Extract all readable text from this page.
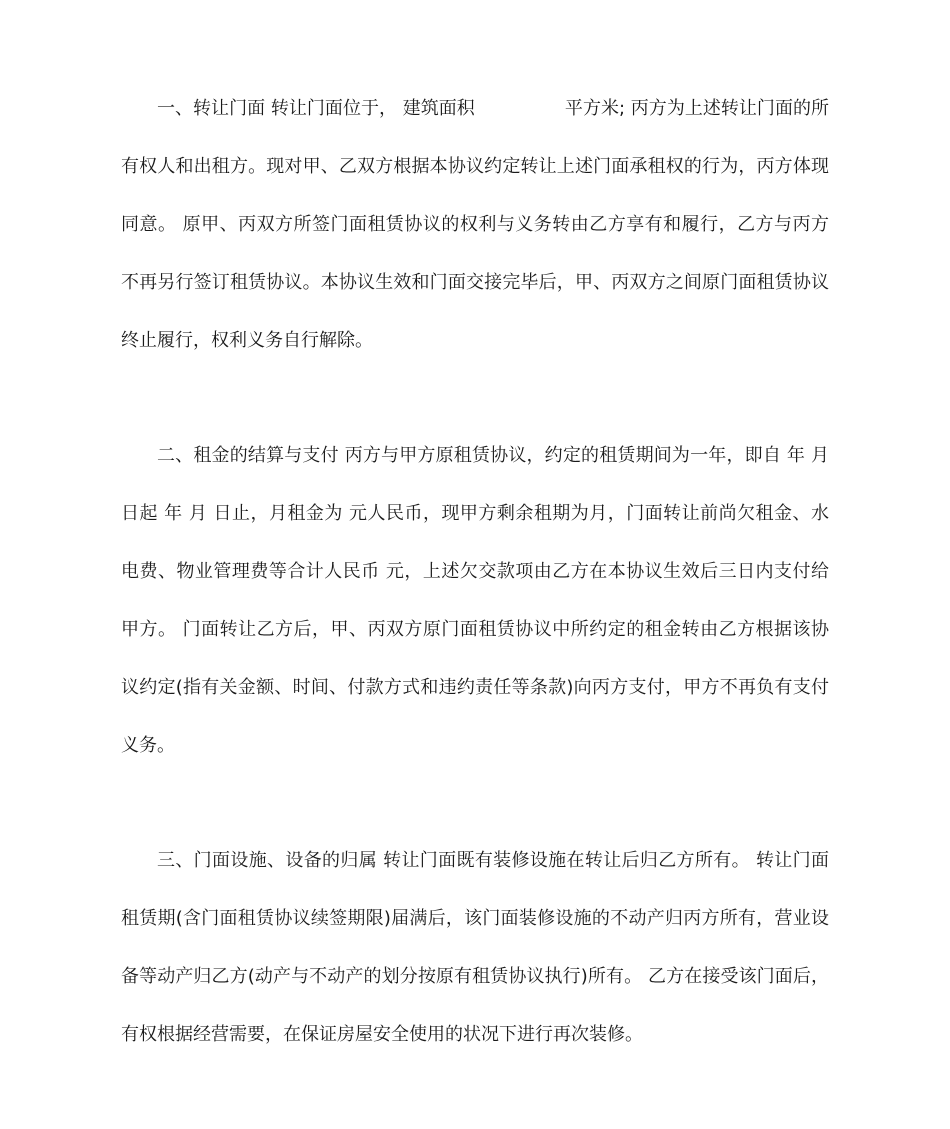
一、转让门面 转让门面位于， 建筑面积　　　　　平方米; 丙方为上述转让门面的所
有权人和出租方。现对甲、乙双方根据本协议约定转让上述门面承租权的行为，丙方体现
同意。 原甲、丙双方所签门面租赁协议的权利与义务转由乙方享有和履行，乙方与丙方
不再另行签订租赁协议。本协议生效和门面交接完毕后，甲、丙双方之间原门面租赁协议
终止履行，权利义务自行解除。

二、租金的结算与支付 丙方与甲方原租赁协议，约定的租赁期间为一年，即自 年 月
日起 年 月 日止，月租金为 元人民币，现甲方剩余租期为月，门面转让前尚欠租金、水
电费、物业管理费等合计人民币 元，上述欠交款项由乙方在本协议生效后三日内支付给
甲方。 门面转让乙方后，甲、丙双方原门面租赁协议中所约定的租金转由乙方根据该协
议约定(指有关金额、时间、付款方式和违约责任等条款)向丙方支付，甲方不再负有支付
义务。

三、门面设施、设备的归属 转让门面既有装修设施在转让后归乙方所有。 转让门面
租赁期(含门面租赁协议续签期限)届满后，该门面装修设施的不动产归丙方所有，营业设
备等动产归乙方(动产与不动产的划分按原有租赁协议执行)所有。 乙方在接受该门面后，
有权根据经营需要，在保证房屋安全使用的状况下进行再次装修。
